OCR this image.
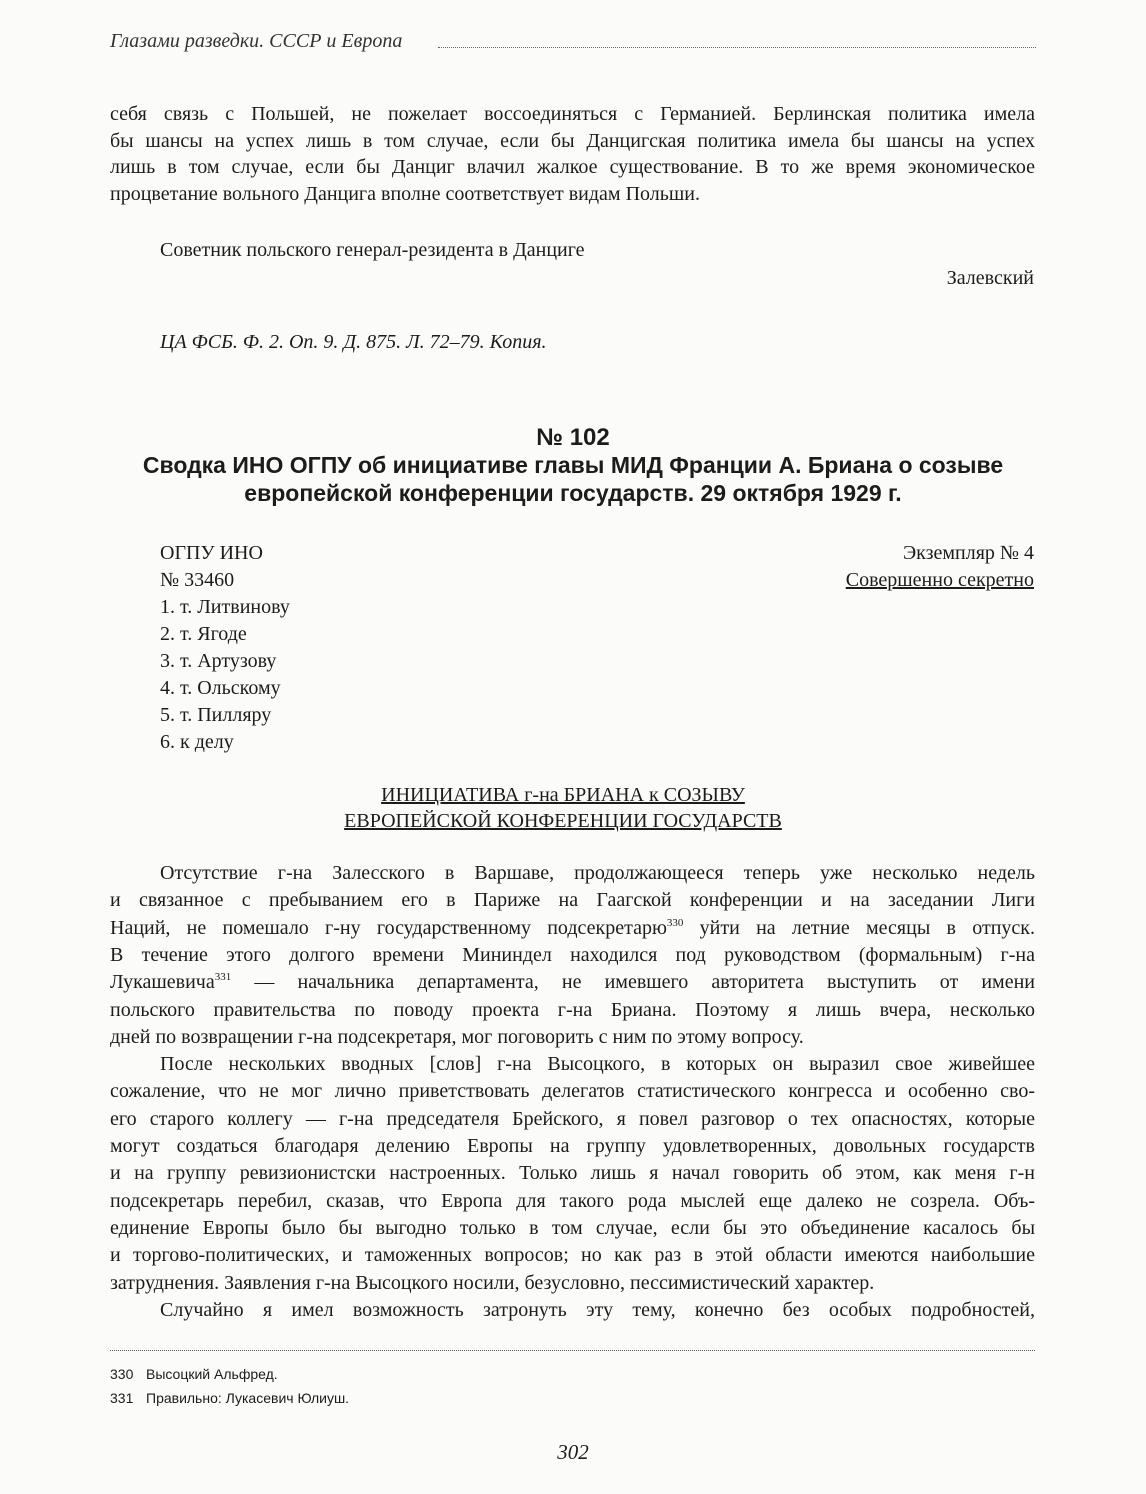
Глазами разведки. СССР и Европа
себя связь с Польшей, не пожелает воссоединяться с Германией. Берлинская политика имела
бы шансы на успех лишь в том случае, если бы Данцигская политика имела бы шансы на успех
лишь в том случае, если бы Данциг влачил жалкое существование. В то же время экономическое
процветание вольного Данцига вполне соответствует видам Польши.
Советник польского генерал-резидента в Данциге
Залевский
ЦА ФСБ. Ф. 2. Оп. 9. Д. 875. Л. 72–79. Копия.
№ 102
Сводка ИНО ОГПУ об инициативе главы МИД Франции А. Бриана о созыве
европейской конференции государств. 29 октября 1929 г.
ОГПУ ИНО
№ 33460
1. т. Литвинову
2. т. Ягоде
3. т. Артузову
4. т. Ольскому
5. т. Пилляру
6. к делу
Экземпляр № 4
Совершенно секретно
ИНИЦИАТИВА г-на БРИАНА к СОЗЫВУ
ЕВРОПЕЙСКОЙ КОНФЕРЕНЦИИ ГОСУДАРСТВ
Отсутствие г-на Залесского в Варшаве, продолжающееся теперь уже несколько недель
и связанное с пребыванием его в Париже на Гаагской конференции и на заседании Лиги
Наций, не помешало г-ну государственному подсекретарю$^{330}$ уйти на летние месяцы в отпуск.
В течение этого долгого времени Мининдел находился под руководством (формальным) г-на
Лукашевича$^{331}$ — начальника департамента, не имевшего авторитета выступить от имени
польского правительства по поводу проекта г-на Бриана. Поэтому я лишь вчера, несколько
дней по возвращении г-на подсекретаря, мог поговорить с ним по этому вопросу.
После нескольких вводных [слов] г-на Высоцкого, в которых он выразил свое живейшее
сожаление, что не мог лично приветствовать делегатов статистического конгресса и особенно сво-
его старого коллегу — г-на председателя Брейского, я повел разговор о тех опасностях, которые
могут создаться благодаря делению Европы на группу удовлетворенных, довольных государств
и на группу ревизионистски настроенных. Только лишь я начал говорить об этом, как меня г-н
подсекретарь перебил, сказав, что Европа для такого рода мыслей еще далеко не созрела. Объ-
единение Европы было бы выгодно только в том случае, если бы это объединение касалось бы
и торгово-политических, и таможенных вопросов; но как раз в этой области имеются наибольшие
затруднения. Заявления г-на Высоцкого носили, безусловно, пессимистический характер.
Случайно я имел возможность затронуть эту тему, конечно без особых подробностей,
330 Высоцкий Альфред.
331 Правильно: Лукасевич Юлиуш.
302
